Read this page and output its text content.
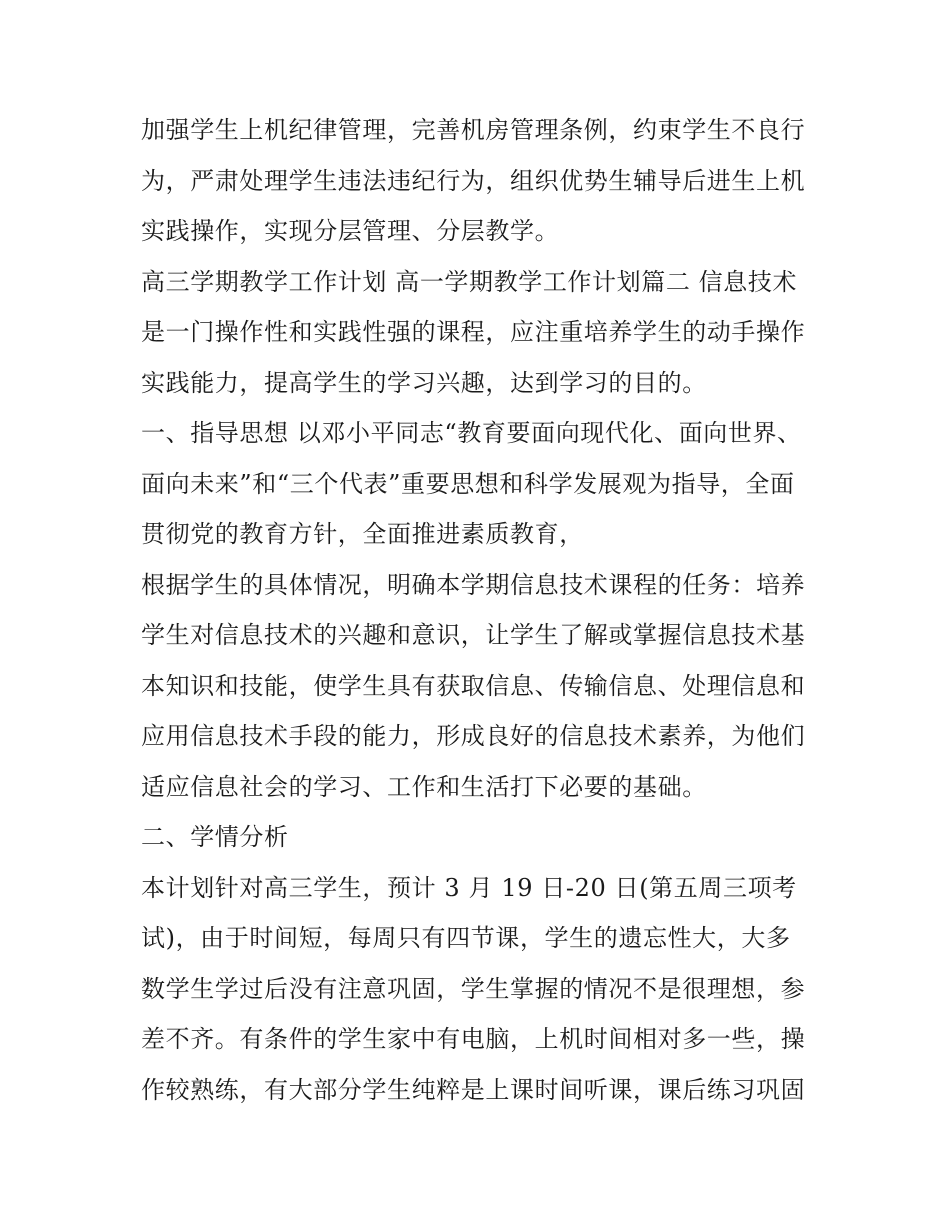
加强学生上机纪律管理，完善机房管理条例，约束学生不良行
为，严肃处理学生违法违纪行为，组织优势生辅导后进生上机
实践操作，实现分层管理、分层教学。
高三学期教学工作计划 高一学期教学工作计划篇二 信息技术
是一门操作性和实践性强的课程，应注重培养学生的动手操作
实践能力，提高学生的学习兴趣，达到学习的目的。
一、指导思想 以邓小平同志“教育要面向现代化、面向世界、
面向未来”和“三个代表”重要思想和科学发展观为指导，全面
贯彻党的教育方针，全面推进素质教育，
根据学生的具体情况，明确本学期信息技术课程的任务：培养
学生对信息技术的兴趣和意识，让学生了解或掌握信息技术基
本知识和技能，使学生具有获取信息、传输信息、处理信息和
应用信息技术手段的能力，形成良好的信息技术素养，为他们
适应信息社会的学习、工作和生活打下必要的基础。
二、学情分析
本计划针对高三学生，预计 3 月 19 日-20 日(第五周三项考
试)，由于时间短，每周只有四节课，学生的遗忘性大，大多
数学生学过后没有注意巩固，学生掌握的情况不是很理想，参
差不齐。有条件的学生家中有电脑，上机时间相对多一些，操
作较熟练，有大部分学生纯粹是上课时间听课，课后练习巩固
